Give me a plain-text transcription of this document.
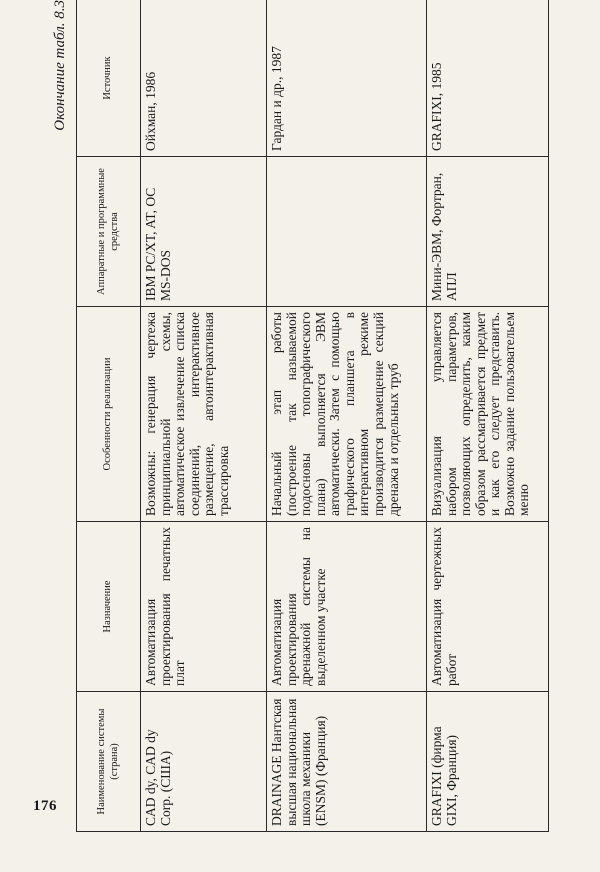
176
Окончание табл. 8.3
Наименование системы (страна)	Назначение	Особенности реализации	Аппаратные и программные средства	Источник
CAD dy, CAD dy Corp. (США)	Автоматизация проектирования печатных плат	Возможны: генерация чертежа принципиальной схемы, автоматическое извлечение списка соединений, интерактивное размещение, автоинтерактивная трассировка	IBM PC/XT, AT, ОС MS-DOS	Ойхман, 1986
DRAINAGE Нантская высшая национальная школа механики (ENSM) (Франция)	Автоматизация проектирования дренажной системы на выделенном участке	Начальный этап работы (построение так называемой подосновы топографического плана) выполняется ЭВМ автоматически. Затем с помощью графического планшета в интерактивном режиме производится размещение секций дренажа и отдельных труб		Гардан и др., 1987
GRAFIXI (фирма GIXI, Франция)	Автоматизация чертежных работ	Визуализация управляется набором параметров, позволяющих определить, каким образом рассматривается предмет и как его следует представить. Возможно задание пользовательем меню	Мини-ЭВМ, Фортран, АПЛ	GRAFIXI, 1985
